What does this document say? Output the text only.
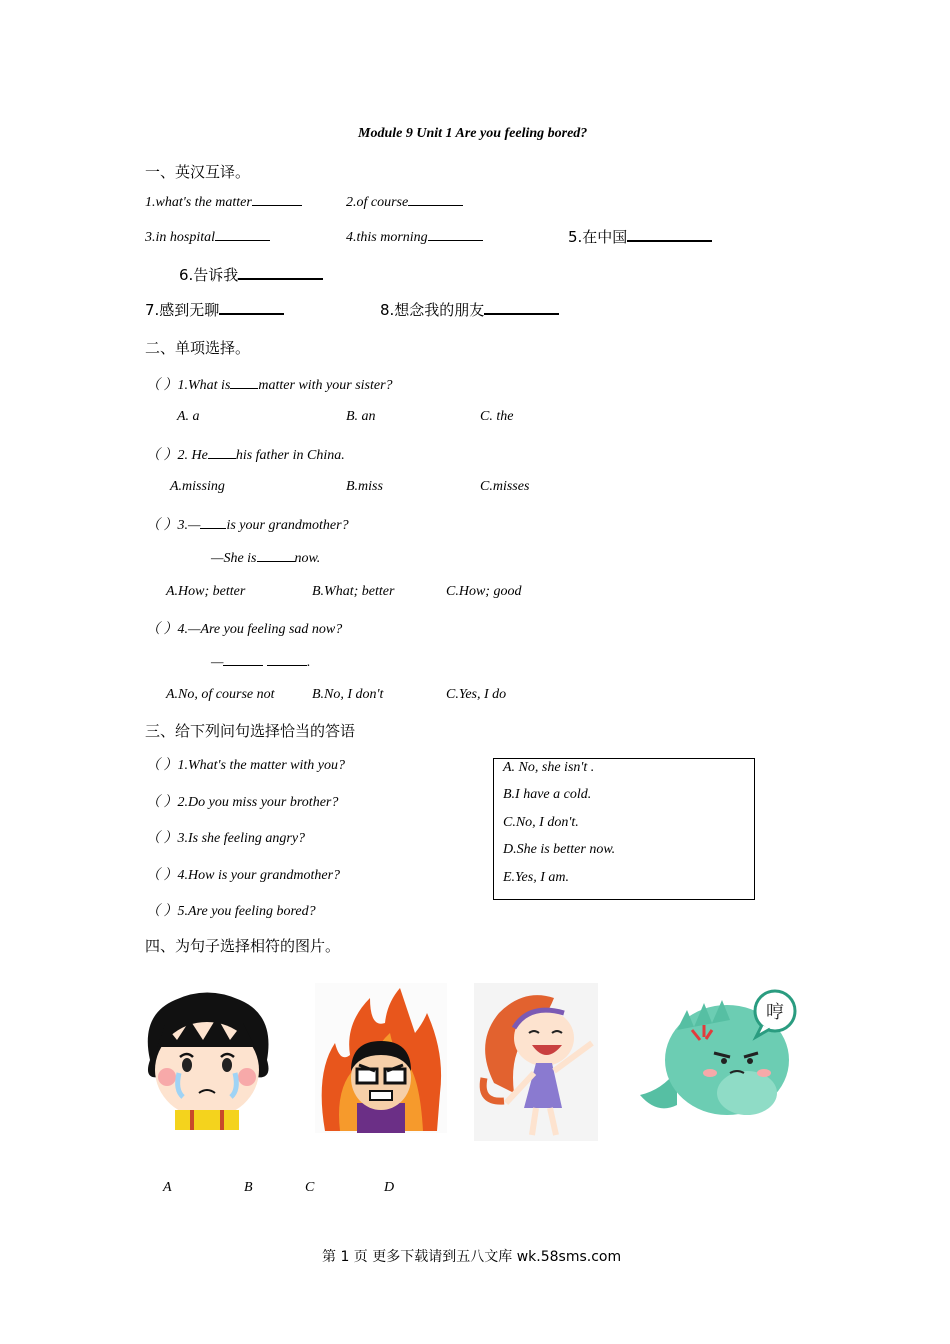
Module 9 Unit 1 Are you feeling bored?
一、英汉互译。
1.what's the matter	2.of course
3.in hospital	4.this morning	5.在中国
6.告诉我
7.感到无聊	8.想念我的朋友
二、单项选择。
（ ）1.What is matter with your sister?
A. a	B. an	C. the
（ ）2. He his father in China.
A.missing	B.miss	C.misses
（ ）3.— is your grandmother?
—She is	now.
A.How; better	B.What; better	C.How; good
（ ）4.—Are you feeling sad now?
—	.
A.No, of course not	B.No, I don't	C.Yes, I do
三、给下列问句选择恰当的答语
（ ）1.What's the matter with you?
（ ）2.Do you miss your brother?
（ ）3.Is she feeling angry?
（ ）4.How is your grandmother?
（ ）5.Are you feeling bored?
A. No, she isn't .
B.I have a cold.
C.No, I don't.
D.She is better now.
E.Yes, I am.
四、为句子选择相符的图片。
哼
A	B	C	D
第 1 页 更多下载请到五八文库 wk.58sms.com
